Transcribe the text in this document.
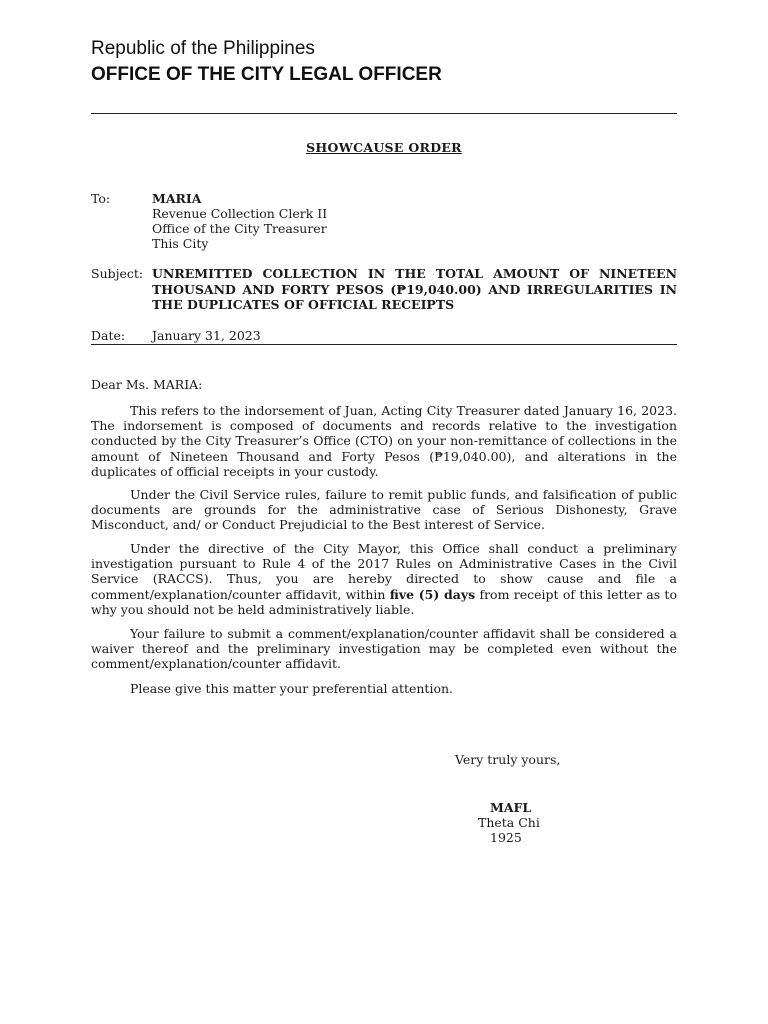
Republic of the Philippines
OFFICE OF THE CITY LEGAL OFFICER
SHOWCAUSE ORDER
To:	MARIA
Revenue Collection Clerk II
Office of the City Treasurer
This City
Subject: UNREMITTED COLLECTION IN THE TOTAL AMOUNT OF NINETEEN THOUSAND AND FORTY PESOS (₱19,040.00) AND IRREGULARITIES IN THE DUPLICATES OF OFFICIAL RECEIPTS
Date: January 31, 2023
Dear Ms. MARIA:
This refers to the indorsement of Juan, Acting City Treasurer dated January 16, 2023. The indorsement is composed of documents and records relative to the investigation conducted by the City Treasurer’s Office (CTO) on your non-remittance of collections in the amount of Nineteen Thousand and Forty Pesos (₱19,040.00), and alterations in the duplicates of official receipts in your custody.
Under the Civil Service rules, failure to remit public funds, and falsification of public documents are grounds for the administrative case of Serious Dishonesty, Grave Misconduct, and/ or Conduct Prejudicial to the Best interest of Service.
Under the directive of the City Mayor, this Office shall conduct a preliminary investigation pursuant to Rule 4 of the 2017 Rules on Administrative Cases in the Civil Service (RACCS). Thus, you are hereby directed to show cause and file a comment/explanation/counter affidavit, within five (5) days from receipt of this letter as to why you should not be held administratively liable.
Your failure to submit a comment/explanation/counter affidavit shall be considered a waiver thereof and the preliminary investigation may be completed even without the comment/explanation/counter affidavit.
Please give this matter your preferential attention.
Very truly yours,
MAFL
Theta Chi
1925
